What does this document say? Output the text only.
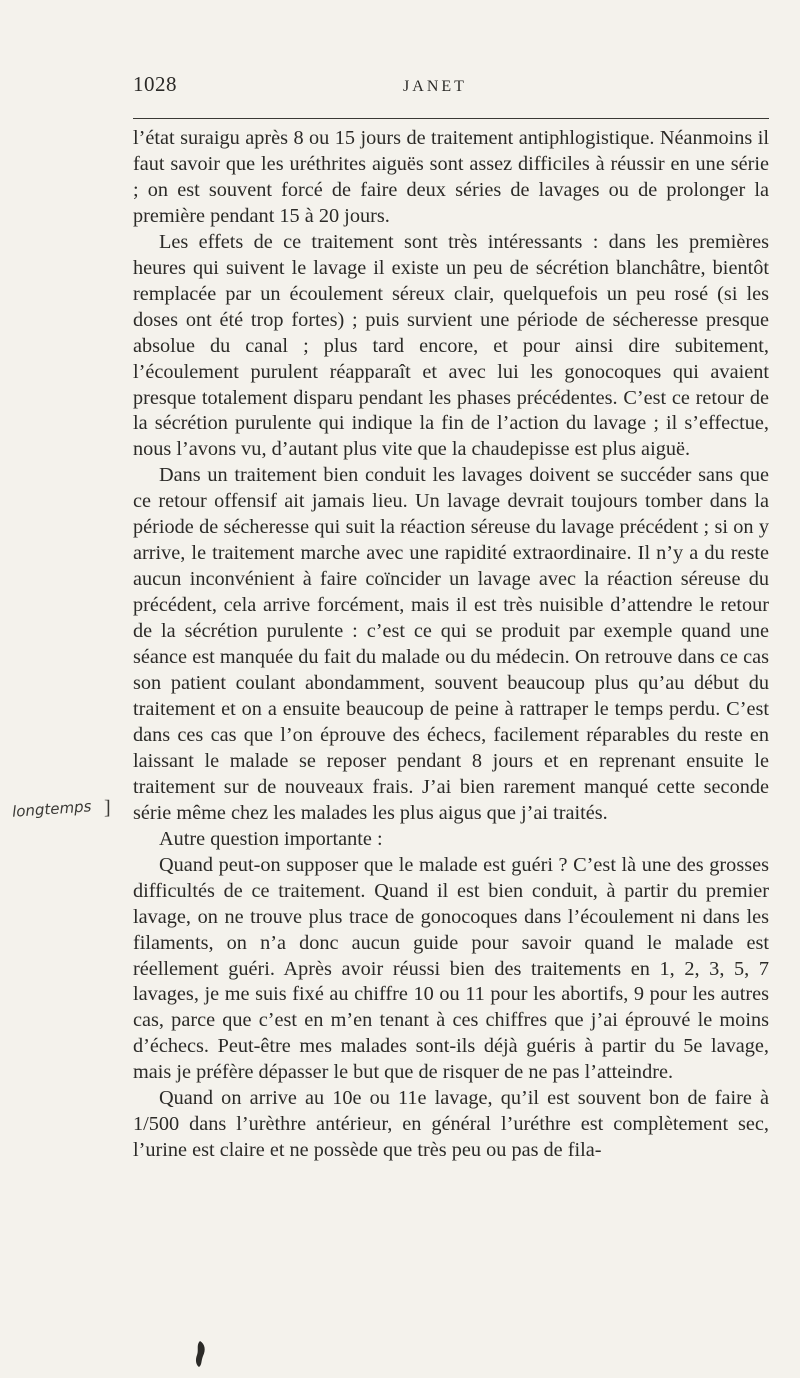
1028	JANET

l’état suraigu après 8 ou 15 jours de traitement antiphlogistique. Néanmoins il faut savoir que les uréthrites aiguës sont assez difficiles à réussir en une série ; on est souvent forcé de faire deux séries de lavages ou de prolonger la première pendant 15 à 20 jours.

Les effets de ce traitement sont très intéressants : dans les premières heures qui suivent le lavage il existe un peu de sécrétion blanchâtre, bientôt remplacée par un écoulement séreux clair, quelquefois un peu rosé (si les doses ont été trop fortes) ; puis survient une période de sécheresse presque absolue du canal ; plus tard encore, et pour ainsi dire subitement, l’écoulement purulent réapparaît et avec lui les gonocoques qui avaient presque totalement disparu pendant les phases précédentes. C’est ce retour de la sécrétion purulente qui indique la fin de l’action du lavage ; il s’effectue, nous l’avons vu, d’autant plus vite que la chaudepisse est plus aiguë.

Dans un traitement bien conduit les lavages doivent se succéder sans que ce retour offensif ait jamais lieu. Un lavage devrait toujours tomber dans la période de sécheresse qui suit la réaction séreuse du lavage précédent ; si on y arrive, le traitement marche avec une rapidité extraordinaire. Il n’y a du reste aucun inconvénient à faire coïncider un lavage avec la réaction séreuse du précédent, cela arrive forcément, mais il est très nuisible d’attendre le retour de la sécrétion purulente : c’est ce qui se produit par exemple quand une séance est manquée du fait du malade ou du médecin. On retrouve dans ce cas son patient coulant abondamment, souvent beaucoup plus qu’au début du traitement et on a ensuite beaucoup de peine à rattraper le temps perdu. C’est dans ces cas que l’on éprouve des échecs, facilement réparables du reste en laissant le malade se reposer pendant 8 jours et en reprenant ensuite le traitement sur de nouveaux frais. J’ai bien rarement manqué cette seconde série même chez les malades les plus aigus que j’ai traités.

Autre question importante :

Quand peut-on supposer que le malade est guéri ? C’est là une des grosses difficultés de ce traitement. Quand il est bien conduit, à partir du premier lavage, on ne trouve plus trace de gonocoques dans l’écoulement ni dans les filaments, on n’a donc aucun guide pour savoir quand le malade est réellement guéri. Après avoir réussi bien des traitements en 1, 2, 3, 5, 7 lavages, je me suis fixé au chiffre 10 ou 11 pour les abortifs, 9 pour les autres cas, parce que c’est en m’en tenant à ces chiffres que j’ai éprouvé le moins d’échecs. Peut-être mes malades sont-ils déjà guéris à partir du 5e lavage, mais je préfère dépasser le but que de risquer de ne pas l’atteindre.

Quand on arrive au 10e ou 11e lavage, qu’il est souvent bon de faire à 1/500 dans l’urèthre antérieur, en général l’uréthre est complètement sec, l’urine est claire et ne possède que très peu ou pas de fila-

longtemps ]
